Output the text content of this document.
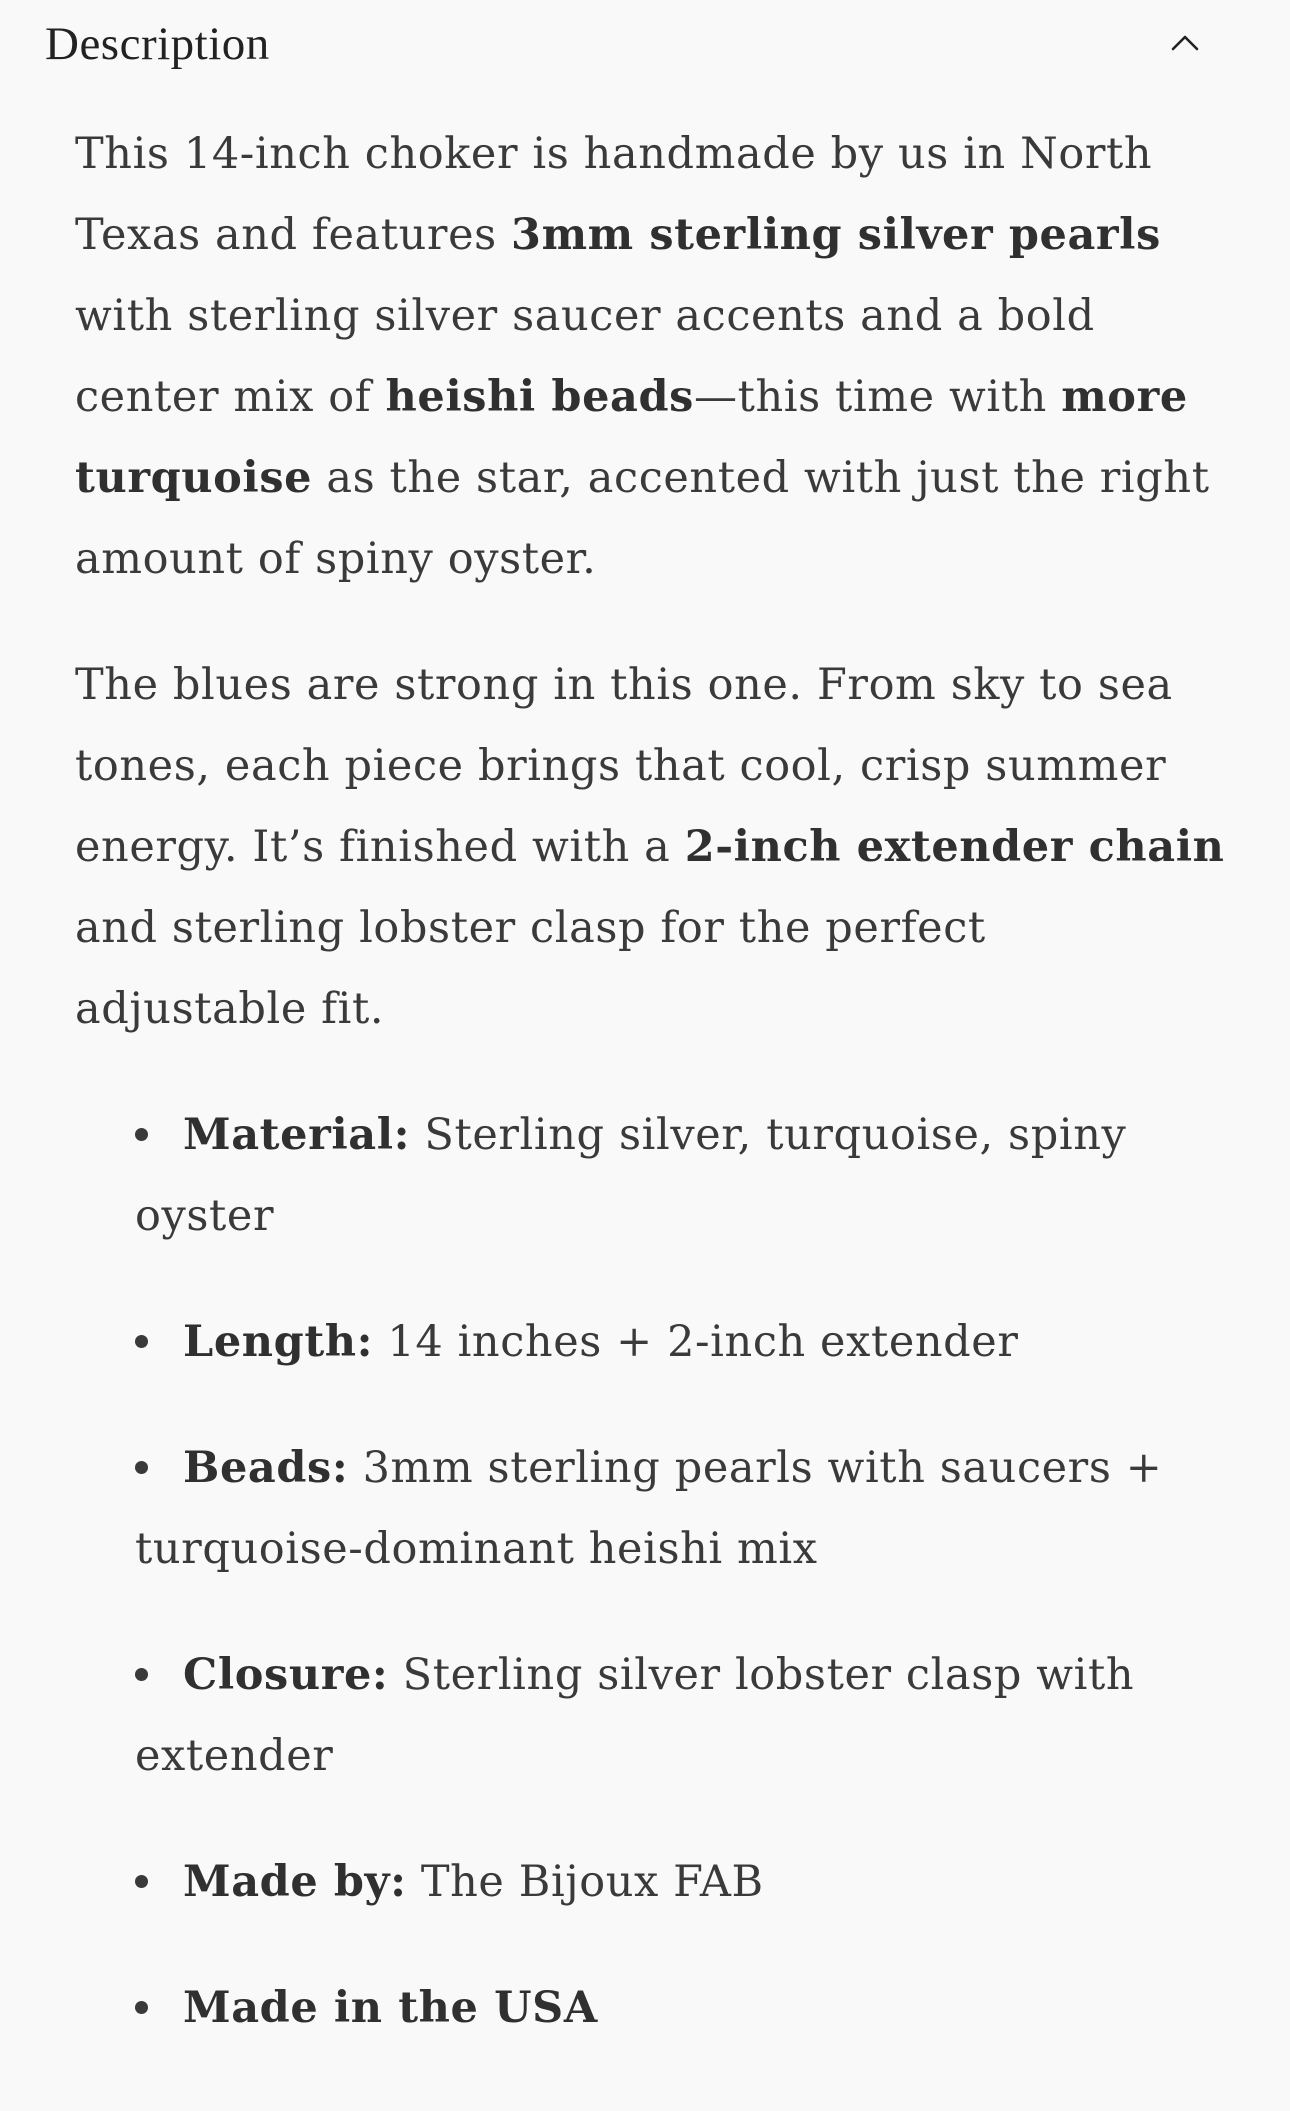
Description

This 14-inch choker is handmade by us in North Texas and features 3mm sterling silver pearls with sterling silver saucer accents and a bold center mix of heishi beads—this time with more turquoise as the star, accented with just the right amount of spiny oyster.

The blues are strong in this one. From sky to sea tones, each piece brings that cool, crisp summer energy. It’s finished with a 2-inch extender chain and sterling lobster clasp for the perfect adjustable fit.

Material: Sterling silver, turquoise, spiny oyster
Length: 14 inches + 2-inch extender
Beads: 3mm sterling pearls with saucers + turquoise-dominant heishi mix
Closure: Sterling silver lobster clasp with extender
Made by: The Bijoux FAB
Made in the USA
